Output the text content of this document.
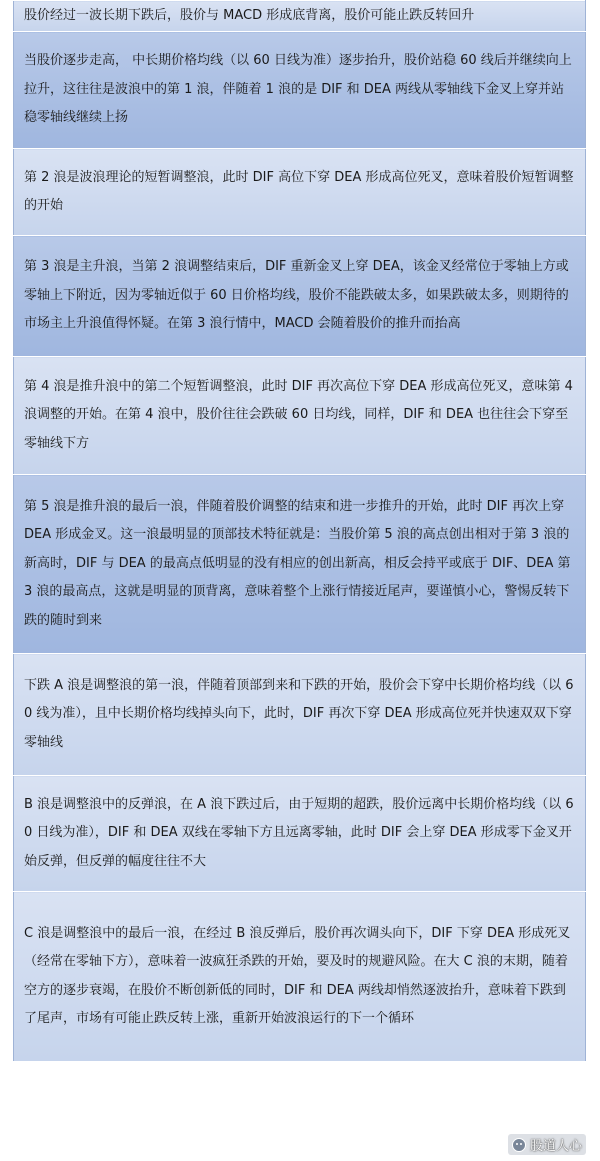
股价经过一波长期下跌后，股价与 MACD 形成底背离，股价可能止跌反转回升
当股价逐步走高， 中长期价格均线（以 60 日线为准）逐步抬升，股价站稳 60 线后并继续向上拉升，这往往是波浪中的第 1 浪，伴随着 1 浪的是 DIF 和 DEA 两线从零轴线下金叉上穿并站稳零轴线继续上扬
第 2 浪是波浪理论的短暂调整浪，此时 DIF 高位下穿 DEA 形成高位死叉，意味着股价短暂调整的开始
第 3 浪是主升浪，当第 2 浪调整结束后，DIF 重新金叉上穿 DEA，该金叉经常位于零轴上方或零轴上下附近，因为零轴近似于 60 日价格均线，股价不能跌破太多，如果跌破太多，则期待的市场主上升浪值得怀疑。在第 3 浪行情中，MACD 会随着股价的推升而抬高
第 4 浪是推升浪中的第二个短暂调整浪，此时 DIF 再次高位下穿 DEA 形成高位死叉，意味第 4 浪调整的开始。在第 4 浪中，股价往往会跌破 60 日均线，同样，DIF 和 DEA 也往往会下穿至零轴线下方
第 5 浪是推升浪的最后一浪，伴随着股价调整的结束和进一步推升的开始，此时 DIF 再次上穿 DEA 形成金叉。这一浪最明显的顶部技术特征就是：当股价第 5 浪的高点创出相对于第 3 浪的新高时，DIF 与 DEA 的最高点低明显的没有相应的创出新高，相反会持平或底于 DIF、DEA 第 3 浪的最高点，这就是明显的顶背离，意味着整个上涨行情接近尾声，要谨慎小心，警惕反转下跌的随时到来
下跌 A 浪是调整浪的第一浪，伴随着顶部到来和下跌的开始，股价会下穿中长期价格均线（以 60 线为准），且中长期价格均线掉头向下，此时，DIF 再次下穿 DEA 形成高位死并快速双双下穿零轴线
B 浪是调整浪中的反弹浪，在 A 浪下跌过后，由于短期的超跌，股价远离中长期价格均线（以 60 日线为准），DIF 和 DEA 双线在零轴下方且远离零轴，此时 DIF 会上穿 DEA 形成零下金叉开始反弹，但反弹的幅度往往不大
C 浪是调整浪中的最后一浪，在经过 B 浪反弹后，股价再次调头向下，DIF 下穿 DEA 形成死叉（经常在零轴下方），意味着一波疯狂杀跌的开始，要及时的规避风险。在大 C 浪的末期，随着空方的逐步衰竭，在股价不断创新低的同时，DIF 和 DEA 两线却悄然逐波抬升，意味着下跌到了尾声，市场有可能止跌反转上涨，重新开始波浪运行的下一个循环
股道人心
